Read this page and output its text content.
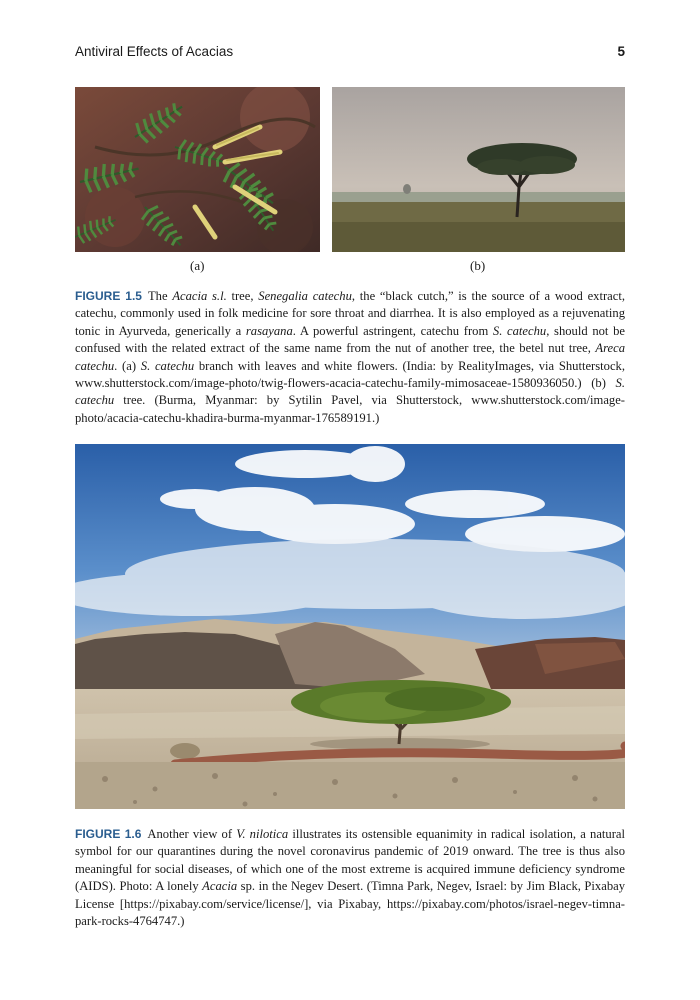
Antiviral Effects of Acacias	5
(a)	(b)
FIGURE 1.5 The Acacia s.l. tree, Senegalia catechu, the “black cutch,” is the source of a wood extract, catechu, commonly used in folk medicine for sore throat and diarrhea. It is also employed as a rejuvenating tonic in Ayurveda, generically a rasayana. A powerful astringent, catechu from S. catechu, should not be confused with the related extract of the same name from the nut of another tree, the betel nut tree, Areca catechu. (a) S. catechu branch with leaves and white flowers. (India: by RealityImages, via Shutterstock, www.shutterstock.com/image-photo/twig-flowers-acacia-catechu-family-mimosaceae-1580936050.) (b) S. catechu tree. (Burma, Myanmar: by Sytilin Pavel, via Shutterstock, www.shutterstock.com/image-photo/acacia-catechu-khadira-burma-myanmar-176589191.)
FIGURE 1.6 Another view of V. nilotica illustrates its ostensible equanimity in radical isolation, a natural symbol for our quarantines during the novel coronavirus pandemic of 2019 onward. The tree is thus also meaningful for social diseases, of which one of the most extreme is acquired immune deficiency syndrome (AIDS). Photo: A lonely Acacia sp. in the Negev Desert. (Timna Park, Negev, Israel: by Jim Black, Pixabay License [https://pixabay.com/service/license/], via Pixabay, https://pixabay.com/photos/israel-negev-timna-park-rocks-4764747.)
